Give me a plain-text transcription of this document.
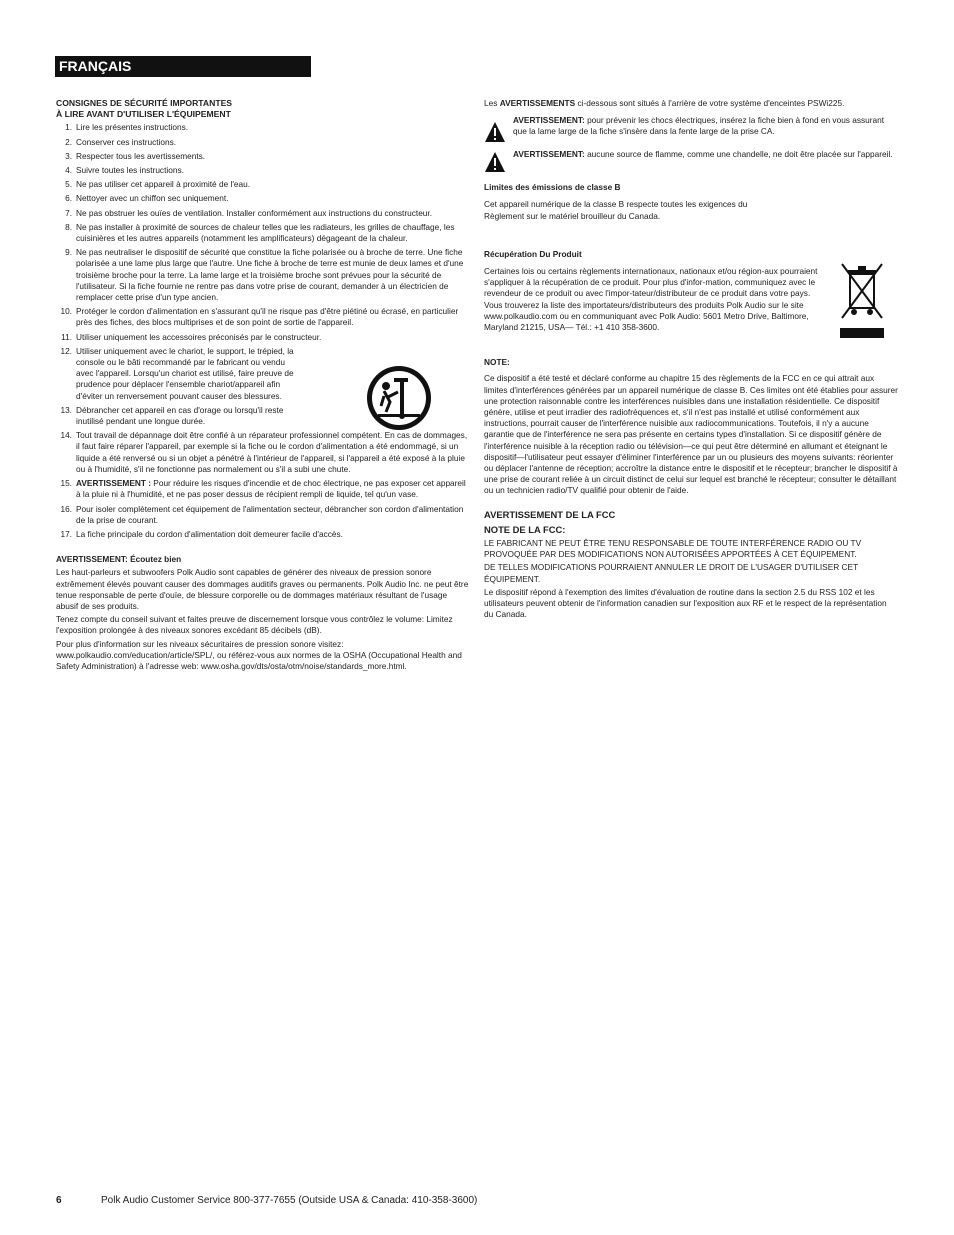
FRANÇAIS
CONSIGNES DE SÉCURITÉ IMPORTANTES
À LIRE AVANT D'UTILISER L'ÉQUIPEMENT
1. Lire les présentes instructions.
2. Conserver ces instructions.
3. Respecter tous les avertissements.
4. Suivre toutes les instructions.
5. Ne pas utiliser cet appareil à proximité de l'eau.
6. Nettoyer avec un chiffon sec uniquement.
7. Ne pas obstruer les ouïes de ventilation. Installer conformément aux instructions du constructeur.
8. Ne pas installer à proximité de sources de chaleur telles que les radiateurs, les grilles de chauffage, les cuisinières et les autres appareils (notamment les amplificateurs) dégageant de la chaleur.
9. Ne pas neutraliser le dispositif de sécurité que constitue la fiche polarisée ou à broche de terre. Une fiche polarisée a une lame plus large que l'autre. Une fiche à broche de terre est munie de deux lames et d'une troisième broche pour la terre. La lame large et la troisième broche sont prévues pour la sécurité de l'utilisateur. Si la fiche fournie ne rentre pas dans votre prise de courant, demander à un électricien de remplacer cette prise d'un type ancien.
10. Protéger le cordon d'alimentation en s'assurant qu'il ne risque pas d'être piétiné ou écrasé, en particulier près des fiches, des blocs multiprises et de son point de sortie de l'appareil.
11. Utiliser uniquement les accessoires préconisés par le constructeur.
12. Utiliser uniquement avec le chariot, le support, le trépied, la console ou le bâti recommandé par le fabricant ou vendu avec l'appareil. Lorsqu'un chariot est utilisé, faire preuve de prudence pour déplacer l'ensemble chariot/appareil afin d'éviter un renversement pouvant causer des blessures.
13. Débrancher cet appareil en cas d'orage ou lorsqu'il reste inutilisé pendant une longue durée.
14. Tout travail de dépannage doit être confié à un réparateur professionnel compétent. En cas de dommages, il faut faire réparer l'appareil, par exemple si la fiche ou le cordon d'alimentation a été endommagé, si un liquide a été renversé ou si un objet a pénétré à l'intérieur de l'appareil, si l'appareil a été exposé à la pluie ou à l'humidité, s'il ne fonctionne pas normalement ou s'il a subi une chute.
15. AVERTISSEMENT : Pour réduire les risques d'incendie et de choc électrique, ne pas exposer cet appareil à la pluie ni à l'humidité, et ne pas poser dessus de récipient rempli de liquide, tel qu'un vase.
16. Pour isoler complètement cet équipement de l'alimentation secteur, débrancher son cordon d'alimentation de la prise de courant.
17. La fiche principale du cordon d'alimentation doit demeurer facile d'accès.
AVERTISSEMENT: Écoutez bien

Les haut-parleurs et subwoofers Polk Audio sont capables de générer des niveaux de pression sonore extrêmement élevés pouvant causer des dommages auditifs graves ou permanents. Polk Audio Inc. ne peut être tenue responsable de perte d'ouïe, de blessure corporelle ou de dommages matériaux résultant de l'usage abusif de ses produits.

Tenez compte du conseil suivant et faites preuve de discernement lorsque vous contrôlez le volume: Limitez l'exposition prolongée à des niveaux sonores excédant 85 décibels (dB).

Pour plus d'information sur les niveaux sécuritaires de pression sonore visitez: www.polkaudio.com/education/article/SPL/, ou référez-vous aux normes de la OSHA (Occupational Health and Safety Administration) à l'adresse web: www.osha.gov/dts/osta/otm/noise/standards_more.html.

Les AVERTISSEMENTS ci-dessous sont situés à l'arrière de votre système d'enceintes PSWi225.

AVERTISSEMENT: pour prévenir les chocs électriques, insérez la fiche bien à fond en vous assurant que la lame large de la fiche s'insère dans la fente large de la prise CA.
AVERTISSEMENT: aucune source de flamme, comme une chandelle, ne doit être placée sur l'appareil.
Limites des émissions de classe B

Cet appareil numérique de la classe B respecte toutes les exigences du Règlement sur le matériel brouilleur du Canada.

Récupération Du Produit

Certaines lois ou certains règlements internationaux, nationaux et/ou région-aux pourraient s'appliquer à la récupération de ce produit. Pour plus d'infor-mation, communiquez avec le revendeur de ce produit ou avec l'impor-tateur/distributeur de ce produit dans votre pays. Vous trouverez la liste des importateurs/distributeurs des produits Polk Audio sur le site www.polkaudio.com ou en communiquant avec Polk Audio: 5601 Metro Drive, Baltimore, Maryland 21215, USA— Tél.: +1 410 358-3600.

NOTE:

Ce dispositif a été testé et déclaré conforme au chapitre 15 des règlements de la FCC en ce qui attrait aux limites d'interférences générées par un appareil numérique de classe B. Ces limites ont été établies pour assurer une protection raisonnable contre les interférences nuisibles dans une installation résidentielle. Ce dispositif génère, utilise et peut irradier des radiofréquences et, s'il n'est pas installé et utilisé conformément aux instructions, pourrait causer de l'interférence nuisible aux radiocommunications. Toutefois, il n'y a aucune garantie que de l'interférence ne sera pas présente en certains types d'installation. Si ce dispositif génère de l'interférence nuisible à la réception radio ou télévision—ce qui peut être déterminé en allumant et éteignant le dispositif—l'utilisateur peut essayer d'éliminer l'interférence par un ou plusieurs des moyens suivants: réorienter ou déplacer l'antenne de réception; accroître la distance entre le dispositif et le récepteur; brancher le dispositif à une prise de courant reliée à un circuit distinct de celui sur lequel est branché le récepteur; consulter le détaillant ou un technicien radio/TV qualifié pour obtenir de l'aide.

AVERTISSEMENT DE LA FCC
NOTE DE LA FCC:

LE FABRICANT NE PEUT ÊTRE TENU RESPONSABLE DE TOUTE INTERFÉRENCE RADIO OU TV PROVOQUÉE PAR DES MODIFICATIONS NON AUTORISÉES APPORTÉES À CET ÉQUIPEMENT.

DE TELLES MODIFICATIONS POURRAIENT ANNULER LE DROIT DE L'USAGER D'UTILISER CET ÉQUIPEMENT.

Le dispositif répond à l'exemption des limites d'évaluation de routine dans la section 2.5 du RSS 102 et les utilisateurs peuvent obtenir de l'information canadien sur l'exposition aux RF et le respect de la représentation du Canada.

6	Polk Audio Customer Service 800-377-7655 (Outside USA & Canada: 410-358-3600)
